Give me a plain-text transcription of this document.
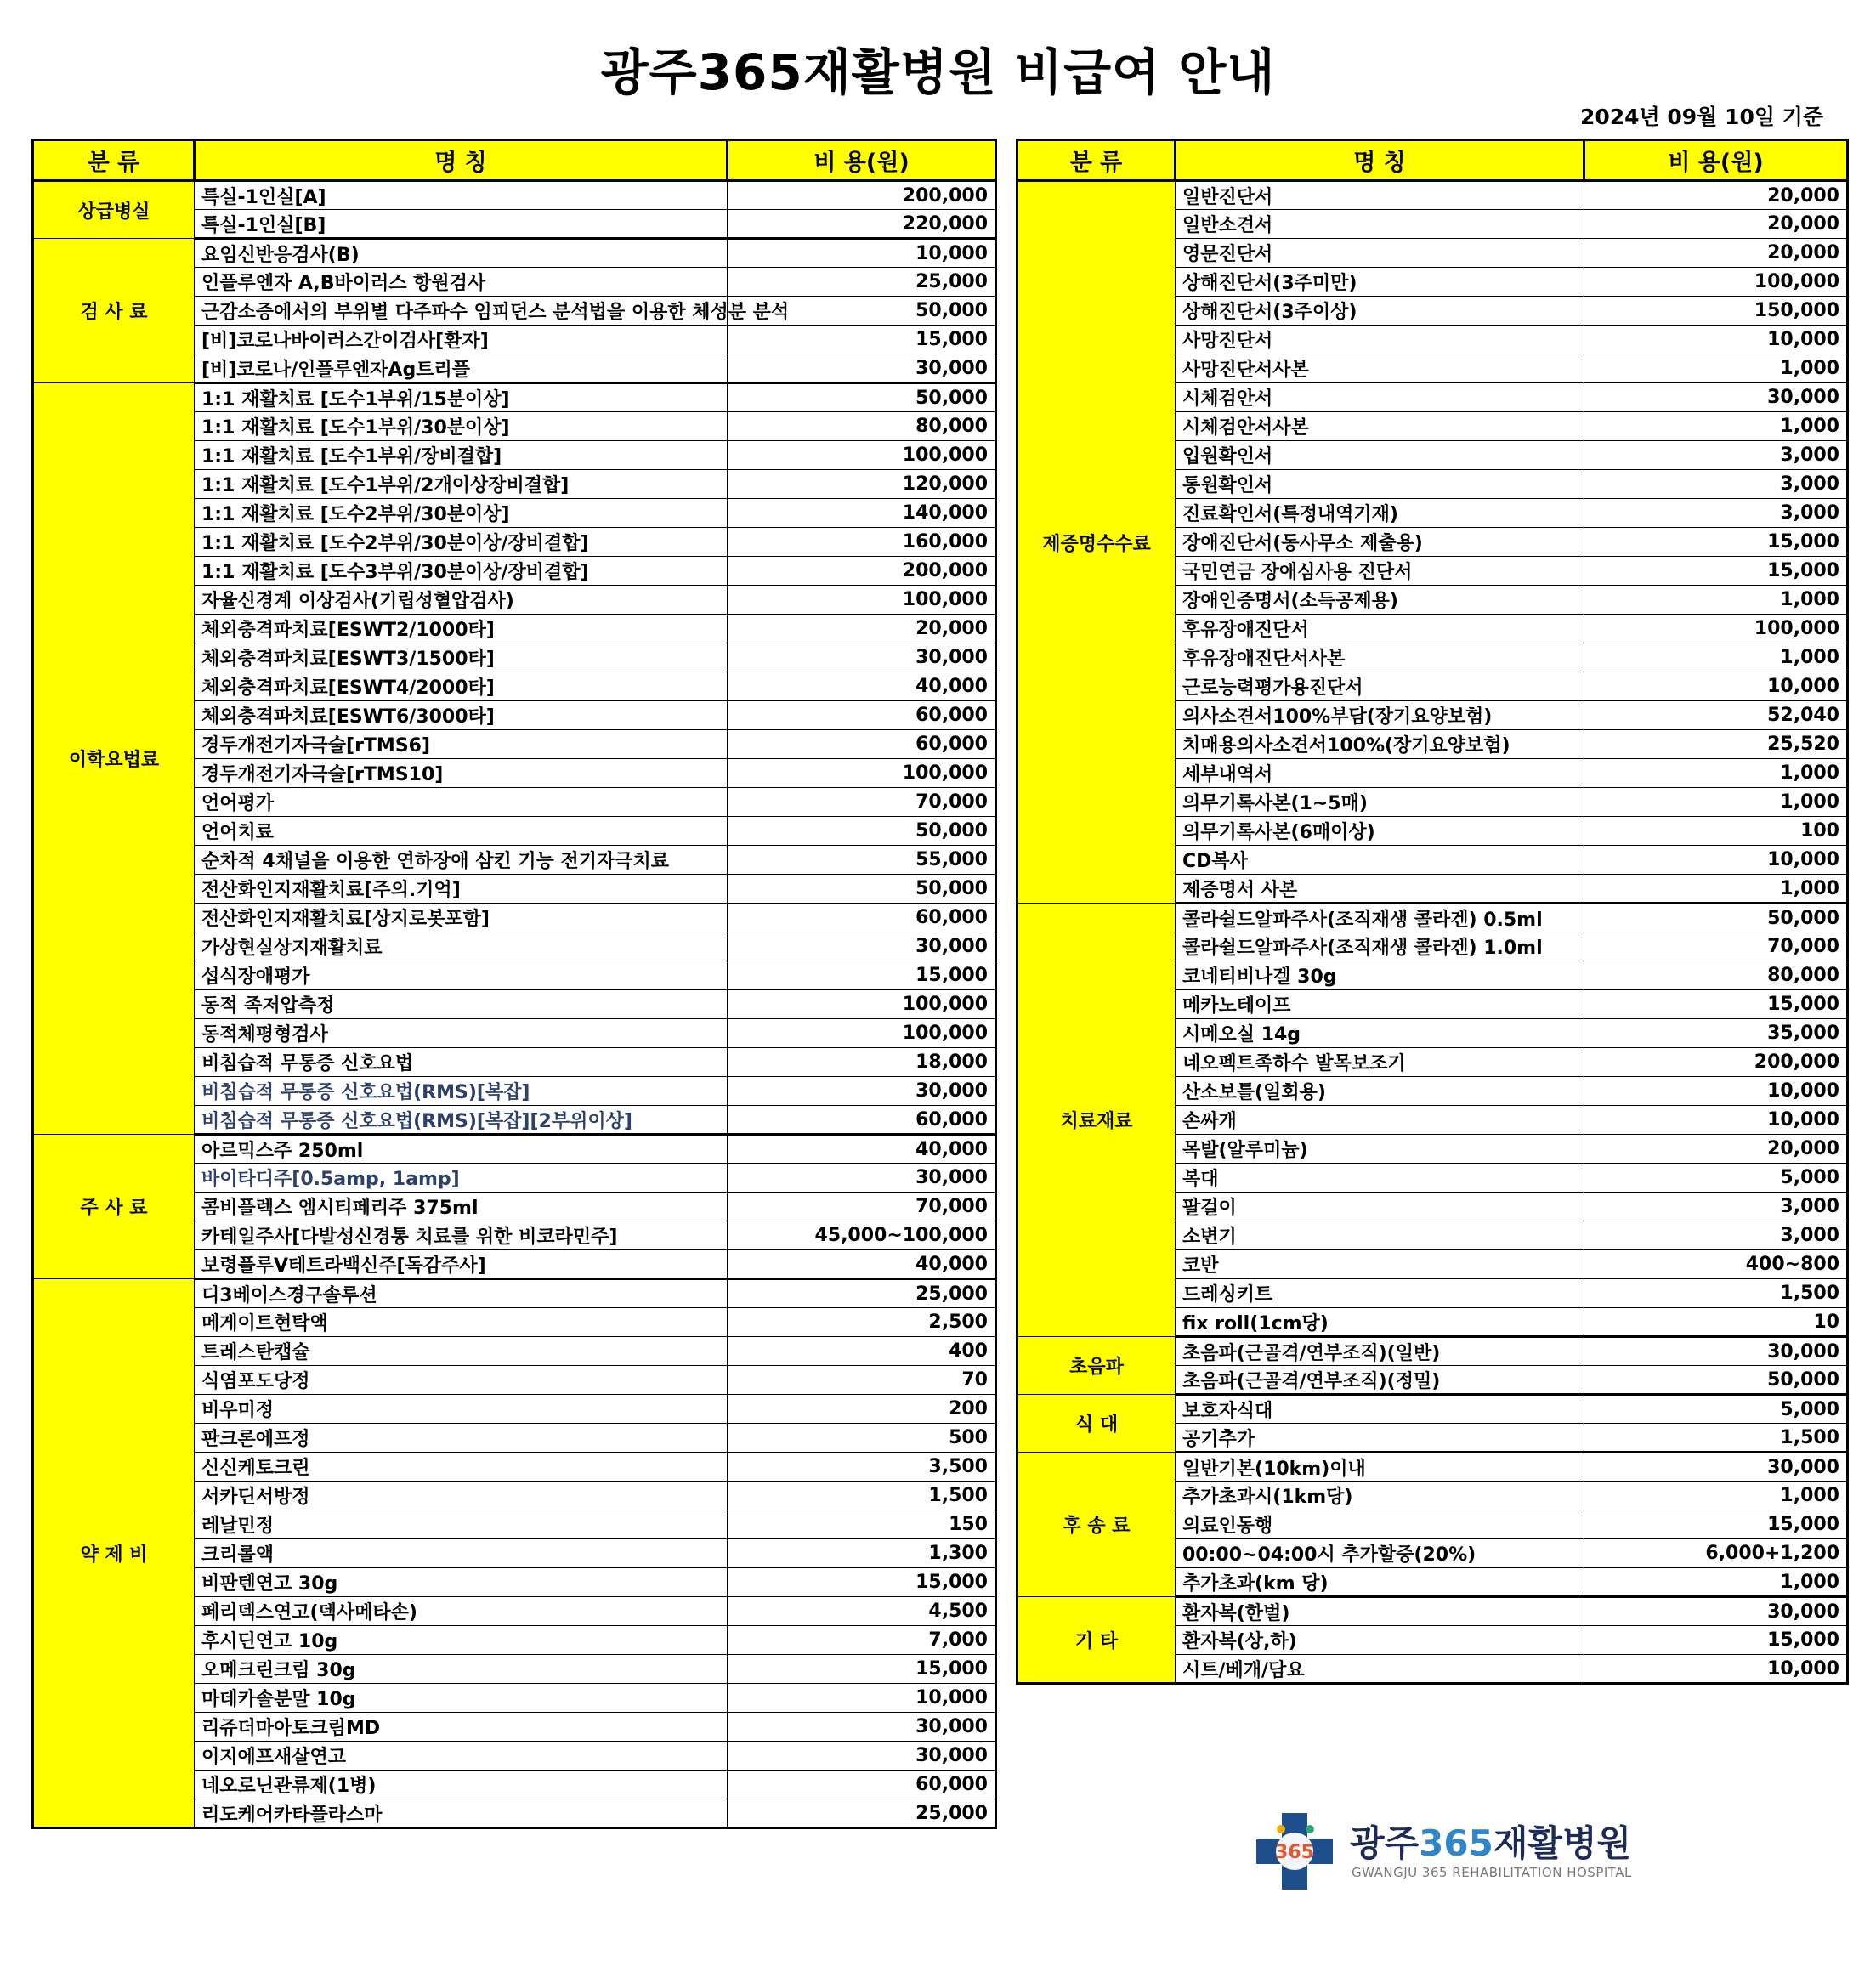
광주365재활병원 비급여 안내
2024년 09월 10일 기준
분 류	명 칭	비 용(원)
상급병실	특실-1인실[A]	200,000
	특실-1인실[B]	220,000
검 사 료	요임신반응검사(B)	10,000
	인플루엔자 A,B바이러스 항원검사	25,000
	근감소증에서의 부위별 다주파수 임피던스 분석법을 이용한 체성분 분석	50,000
	[비]코로나바이러스간이검사[환자]	15,000
	[비]코로나/인플루엔자Ag트리플	30,000
이학요법료	1:1 재활치료 [도수1부위/15분이상]	50,000
	1:1 재활치료 [도수1부위/30분이상]	80,000
	1:1 재활치료 [도수1부위/장비결합]	100,000
	1:1 재활치료 [도수1부위/2개이상장비결합]	120,000
	1:1 재활치료 [도수2부위/30분이상]	140,000
	1:1 재활치료 [도수2부위/30분이상/장비결합]	160,000
	1:1 재활치료 [도수3부위/30분이상/장비결합]	200,000
	자율신경계 이상검사(기립성혈압검사)	100,000
	체외충격파치료[ESWT2/1000타]	20,000
	체외충격파치료[ESWT3/1500타]	30,000
	체외충격파치료[ESWT4/2000타]	40,000
	체외충격파치료[ESWT6/3000타]	60,000
	경두개전기자극술[rTMS6]	60,000
	경두개전기자극술[rTMS10]	100,000
	언어평가	70,000
	언어치료	50,000
	순차적 4채널을 이용한 연하장애 삼킨 기능 전기자극치료	55,000
	전산화인지재활치료[주의.기억]	50,000
	전산화인지재활치료[상지로봇포함]	60,000
	가상현실상지재활치료	30,000
	섭식장애평가	15,000
	동적 족저압측정	100,000
	동적체평형검사	100,000
	비침습적 무통증 신호요법	18,000
	비침습적 무통증 신호요법(RMS)[복잡]	30,000
	비침습적 무통증 신호요법(RMS)[복잡][2부위이상]	60,000
주 사 료	아르믹스주 250ml	40,000
	바이타디주[0.5amp, 1amp]	30,000
	콤비플렉스 엠시티페리주 375ml	70,000
	카테일주사[다발성신경통 치료를 위한 비코라민주]	45,000~100,000
	보령플루V테트라백신주[독감주사]	40,000
약 제 비	디3베이스경구솔루션	25,000
	메게이트현탁액	2,500
	트레스탄캡슐	400
	식염포도당정	70
	비우미정	200
	판크론에프정	500
	신신케토크린	3,500
	서카딘서방정	1,500
	레날민정	150
	크리롤액	1,300
	비판텐연고 30g	15,000
	페리덱스연고(덱사메타손)	4,500
	후시딘연고 10g	7,000
	오메크린크림 30g	15,000
	마데카솔분말 10g	10,000
	리쥬더마아토크림MD	30,000
	이지에프새살연고	30,000
	네오로닌관류제(1병)	60,000
	리도케어카타플라스마	25,000
분 류	명 칭	비 용(원)
제증명수수료	일반진단서	20,000
	일반소견서	20,000
	영문진단서	20,000
	상해진단서(3주미만)	100,000
	상해진단서(3주이상)	150,000
	사망진단서	10,000
	사망진단서사본	1,000
	시체검안서	30,000
	시체검안서사본	1,000
	입원확인서	3,000
	통원확인서	3,000
	진료확인서(특정내역기재)	3,000
	장애진단서(동사무소 제출용)	15,000
	국민연금 장애심사용 진단서	15,000
	장애인증명서(소득공제용)	1,000
	후유장애진단서	100,000
	후유장애진단서사본	1,000
	근로능력평가용진단서	10,000
	의사소견서100%부담(장기요양보험)	52,040
	치매용의사소견서100%(장기요양보험)	25,520
	세부내역서	1,000
	의무기록사본(1~5매)	1,000
	의무기록사본(6매이상)	100
	CD복사	10,000
	제증명서 사본	1,000
치료재료	콜라쉴드알파주사(조직재생 콜라겐) 0.5ml	50,000
	콜라쉴드알파주사(조직재생 콜라겐) 1.0ml	70,000
	코네티비나겔 30g	80,000
	메카노테이프	15,000
	시메오실 14g	35,000
	네오펙트족하수 발목보조기	200,000
	산소보틀(일회용)	10,000
	손싸개	10,000
	목발(알루미늄)	20,000
	복대	5,000
	팔걸이	3,000
	소변기	3,000
	코반	400~800
	드레싱키트	1,500
	fix roll(1cm당)	10
초음파	초음파(근골격/연부조직)(일반)	30,000
	초음파(근골격/연부조직)(정밀)	50,000
식 대	보호자식대	5,000
	공기추가	1,500
후 송 료	일반기본(10km)이내	30,000
	추가초과시(1km당)	1,000
	의료인동행	15,000
	00:00~04:00시 추가할증(20%)	6,000+1,200
	추가초과(km 당)	1,000
기 타	환자복(한벌)	30,000
	환자복(상,하)	15,000
	시트/베개/담요	10,000
365 광주365재활병원
GWANGJU 365 REHABILITATION HOSPITAL
